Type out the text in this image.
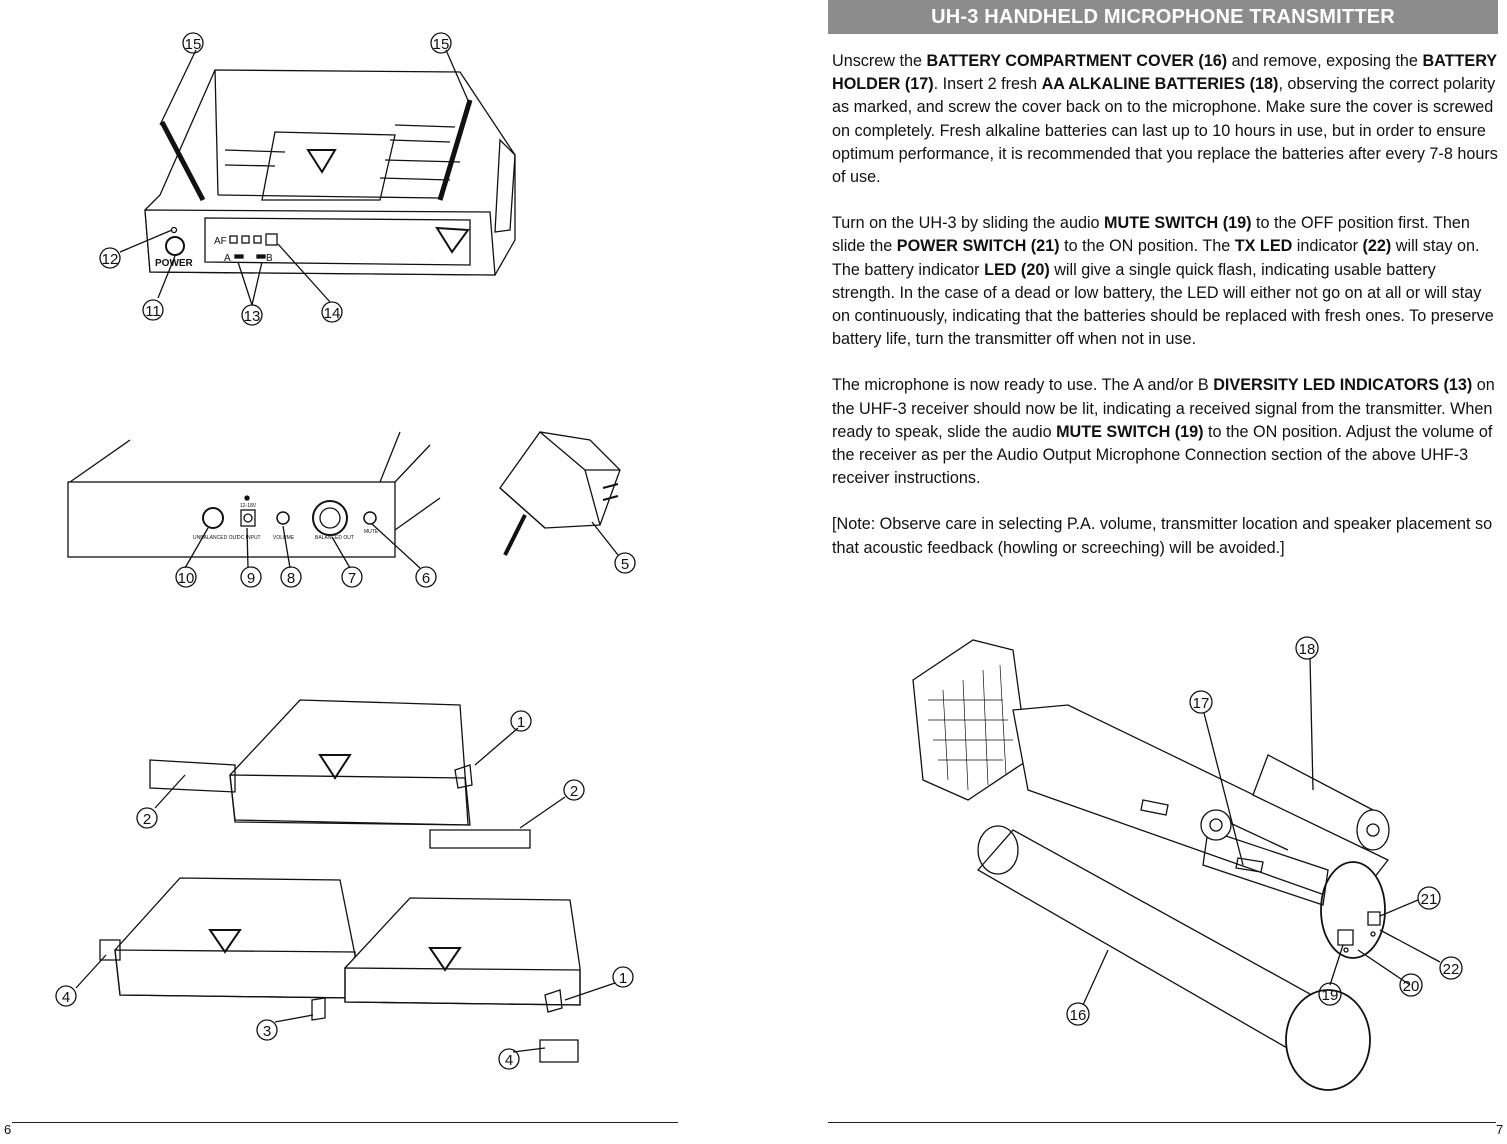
POWER
AF
A	B
15	15
12
11	13	14
12-18V
UNBALANCED OUT
DC INPUT VOLUME	BALANCED OUT
MUTE
10	9 8	7	6
5
1
2
2
4
3
1
4
6
UH-3 HANDHELD MICROPHONE TRANSMITTER

Unscrew the BATTERY COMPARTMENT COVER (16) and remove, exposing the BATTERY HOLDER (17). Insert 2 fresh AA ALKALINE BATTERIES (18), observing the correct polarity as marked, and screw the cover back on to the microphone. Make sure the cover is screwed on completely. Fresh alkaline batteries can last up to 10 hours in use, but in order to ensure optimum performance, it is recommended that you replace the batteries after every 7-8 hours of use.

Turn on the UH-3 by sliding the audio MUTE SWITCH (19) to the OFF position first. Then slide the POWER SWITCH (21) to the ON position. The TX LED indicator (22) will stay on. The battery indicator LED (20) will give a single quick flash, indicating usable battery strength. In the case of a dead or low battery, the LED will either not go on at all or will stay on continuously, indicating that the batteries should be replaced with fresh ones. To preserve battery life, turn the transmitter off when not in use.

The microphone is now ready to use. The A and/or B DIVERSITY LED INDICATORS (13) on the UHF-3 receiver should now be lit, indicating a received signal from the transmitter. When ready to speak, slide the audio MUTE SWITCH (19) to the ON position. Adjust the volume of the receiver as per the Audio Output Microphone Connection section of the above UHF-3 receiver instructions.

[Note: Observe care in selecting P.A. volume, transmitter location and speaker placement so that acoustic feedback (howling or screeching) will be avoided.]

18
17
21
22
20
19
16
7
